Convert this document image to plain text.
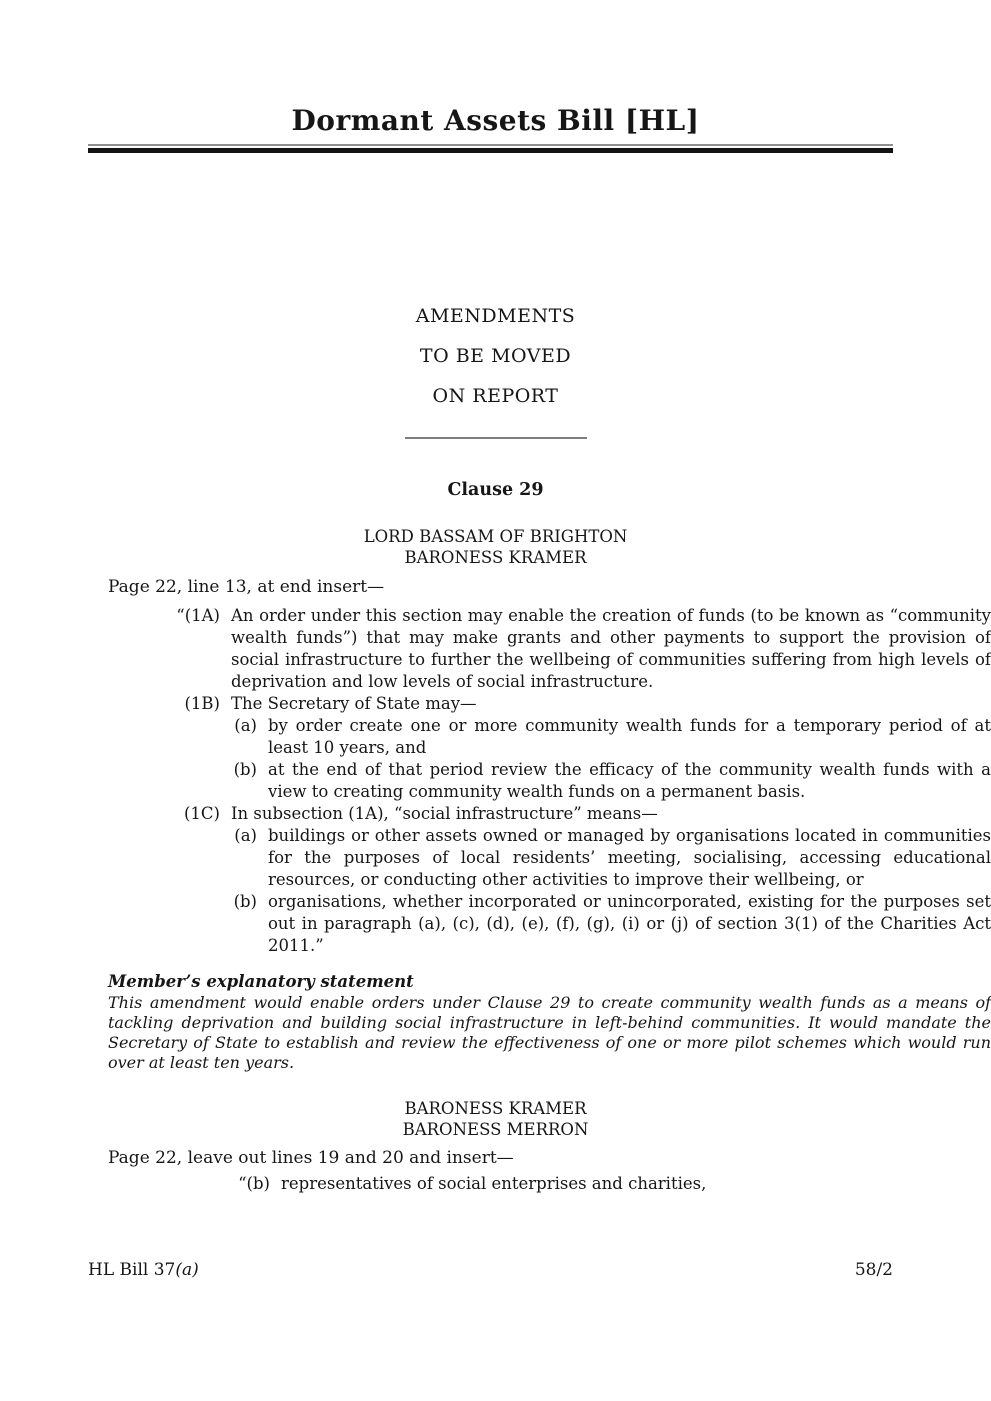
Dormant Assets Bill [HL]
AMENDMENTS
TO BE MOVED
ON REPORT
Clause 29
LORD BASSAM OF BRIGHTON
BARONESS KRAMER
Page 22, line 13, at end insert—
“(1A) An order under this section may enable the creation of funds (to be known as “community wealth funds”) that may make grants and other payments to support the provision of social infrastructure to further the wellbeing of communities suffering from high levels of deprivation and low levels of social infrastructure.
(1B) The Secretary of State may—
(a) by order create one or more community wealth funds for a temporary period of at least 10 years, and
(b) at the end of that period review the efficacy of the community wealth funds with a view to creating community wealth funds on a permanent basis.
(1C) In subsection (1A), “social infrastructure” means—
(a) buildings or other assets owned or managed by organisations located in communities for the purposes of local residents’ meeting, socialising, accessing educational resources, or conducting other activities to improve their wellbeing, or
(b) organisations, whether incorporated or unincorporated, existing for the purposes set out in paragraph (a), (c), (d), (e), (f), (g), (i) or (j) of section 3(1) of the Charities Act 2011.”
Member’s explanatory statement
This amendment would enable orders under Clause 29 to create community wealth funds as a means of tackling deprivation and building social infrastructure in left-behind communities. It would mandate the Secretary of State to establish and review the effectiveness of one or more pilot schemes which would run over at least ten years.
BARONESS KRAMER
BARONESS MERRON
Page 22, leave out lines 19 and 20 and insert—
“(b) representatives of social enterprises and charities,
HL Bill 37(a)	58/2
